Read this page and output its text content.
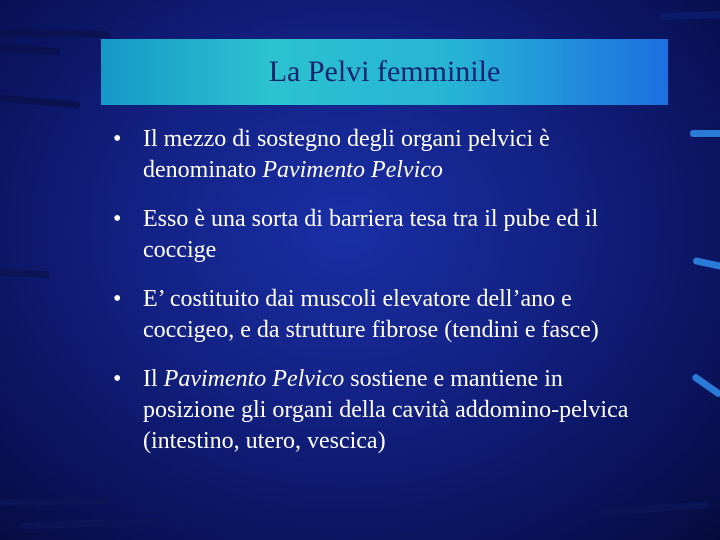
La Pelvi femminile
• Il mezzo di sostegno degli organi pelvici è denominato Pavimento Pelvico
• Esso è una sorta di barriera tesa tra il pube ed il coccige
• E’ costituito dai muscoli elevatore dell’ano e coccigeo, e da strutture fibrose (tendini e fasce)
• Il Pavimento Pelvico sostiene e mantiene in posizione gli organi della cavità addomino-pelvica (intestino, utero, vescica)
